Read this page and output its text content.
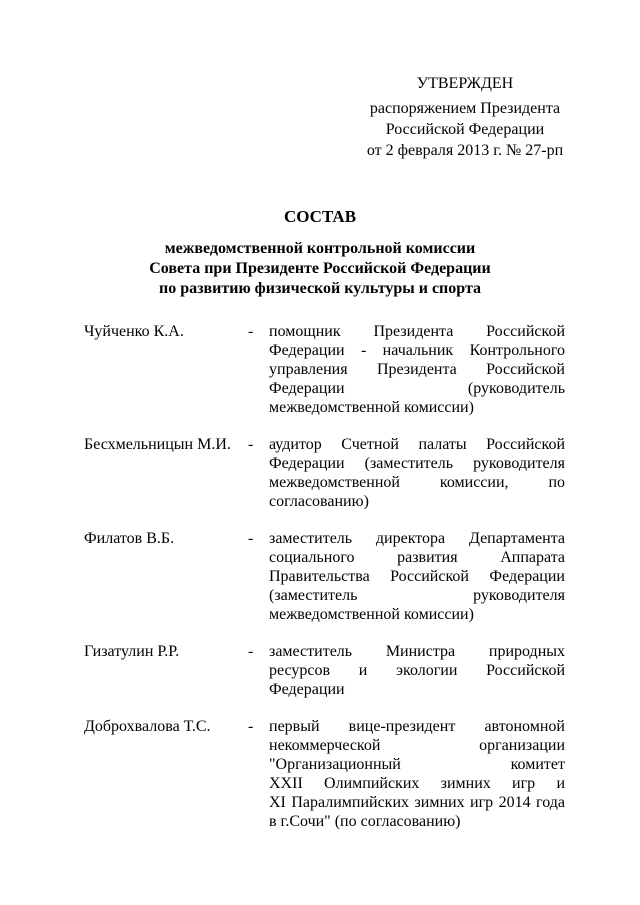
УТВЕРЖДЕН
распоряжением Президента
Российской Федерации
от 2 февраля 2013 г. № 27-рп
СОСТАВ
межведомственной контрольной комиссии
Совета при Президенте Российской Федерации
по развитию физической культуры и спорта
Чуйченко К.А.	- помощник Президента Российской
Федерации - начальник Контрольного
управления Президента Российской
Федерации (руководитель
межведомственной комиссии)
Бесхмельницын М.И. - аудитор Счетной палаты Российской
Федерации (заместитель руководителя
межведомственной комиссии, по
согласованию)
Филатов В.Б.	- заместитель директора Департамента
социального развития Аппарата
Правительства Российской Федерации
(заместитель руководителя
межведомственной комиссии)
Гизатулин Р.Р.	- заместитель Министра природных
ресурсов и экологии Российской
Федерации
Доброхвалова Т.С. - первый вице-президент автономной
некоммерческой организации
"Организационный комитет
XXII Олимпийских зимних игр и
XI Паралимпийских зимних игр 2014 года
в г.Сочи" (по согласованию)
